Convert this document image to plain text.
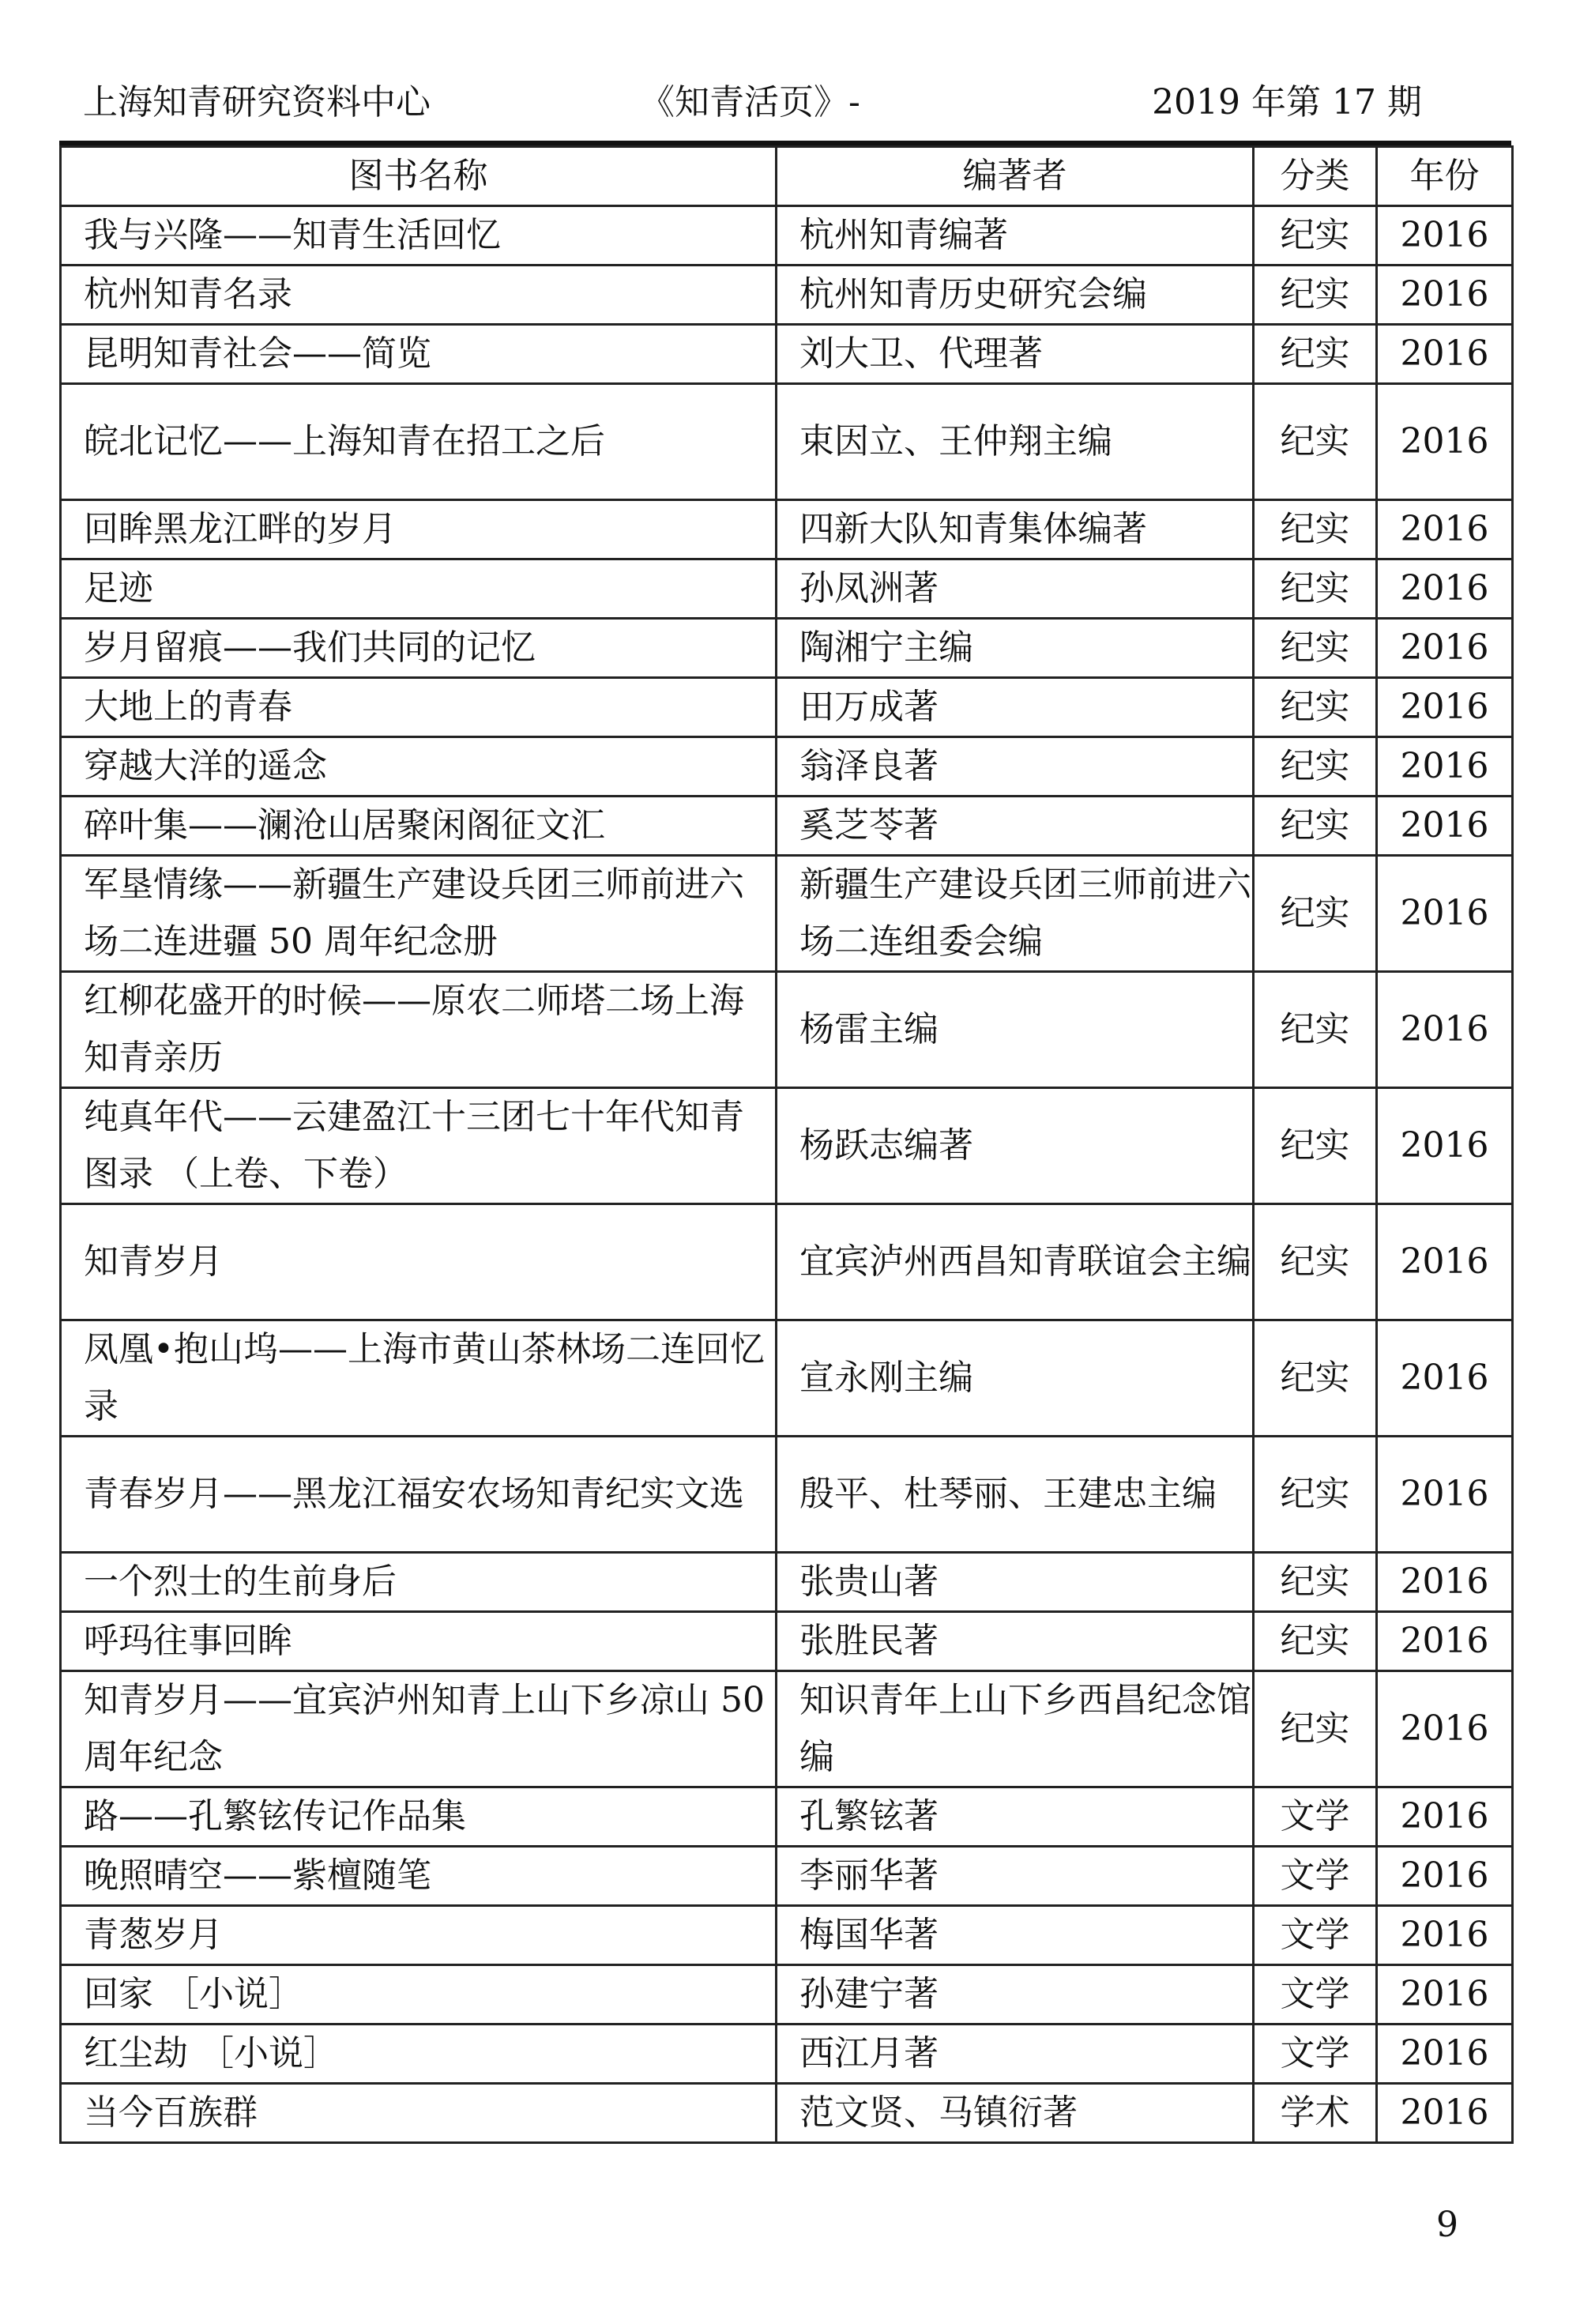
上海知青研究资料中心	《知青活页》-	2019 年第 17 期
图书名称	编著者	分类	年份
我与兴隆——知青生活回忆	杭州知青编著	纪实	2016
杭州知青名录	杭州知青历史研究会编	纪实	2016
昆明知青社会——简览	刘大卫、代理著	纪实	2016
皖北记忆——上海知青在招工之后	束因立、王仲翔主编	纪实	2016
回眸黑龙江畔的岁月	四新大队知青集体编著	纪实	2016
足迹	孙凤洲著	纪实	2016
岁月留痕——我们共同的记忆	陶湘宁主编	纪实	2016
大地上的青春	田万成著	纪实	2016
穿越大洋的遥念	翁泽良著	纪实	2016
碎叶集——澜沧山居聚闲阁征文汇	奚芝苓著	纪实	2016
军垦情缘——新疆生产建设兵团三师前进六场二连进疆 50 周年纪念册	新疆生产建设兵团三师前进六场二连组委会编	纪实	2016
红柳花盛开的时候——原农二师塔二场上海知青亲历	杨雷主编	纪实	2016
纯真年代——云建盈江十三团七十年代知青图录 （上卷、下卷）	杨跃志编著	纪实	2016
知青岁月	宜宾泸州西昌知青联谊会主编	纪实	2016
凤凰•抱山坞——上海市黄山茶林场二连回忆录	宣永刚主编	纪实	2016
青春岁月——黑龙江福安农场知青纪实文选	殷平、杜琴丽、王建忠主编	纪实	2016
一个烈士的生前身后	张贵山著	纪实	2016
呼玛往事回眸	张胜民著	纪实	2016
知青岁月——宜宾泸州知青上山下乡凉山 50 周年纪念	知识青年上山下乡西昌纪念馆编	纪实	2016
路——孔繁铉传记作品集	孔繁铉著	文学	2016
晚照晴空——紫檀随笔	李丽华著	文学	2016
青葱岁月	梅国华著	文学	2016
回家 ［小说］	孙建宁著	文学	2016
红尘劫 ［小说］	西江月著	文学	2016
当今百族群	范文贤、马镇衍著	学术	2016
9
